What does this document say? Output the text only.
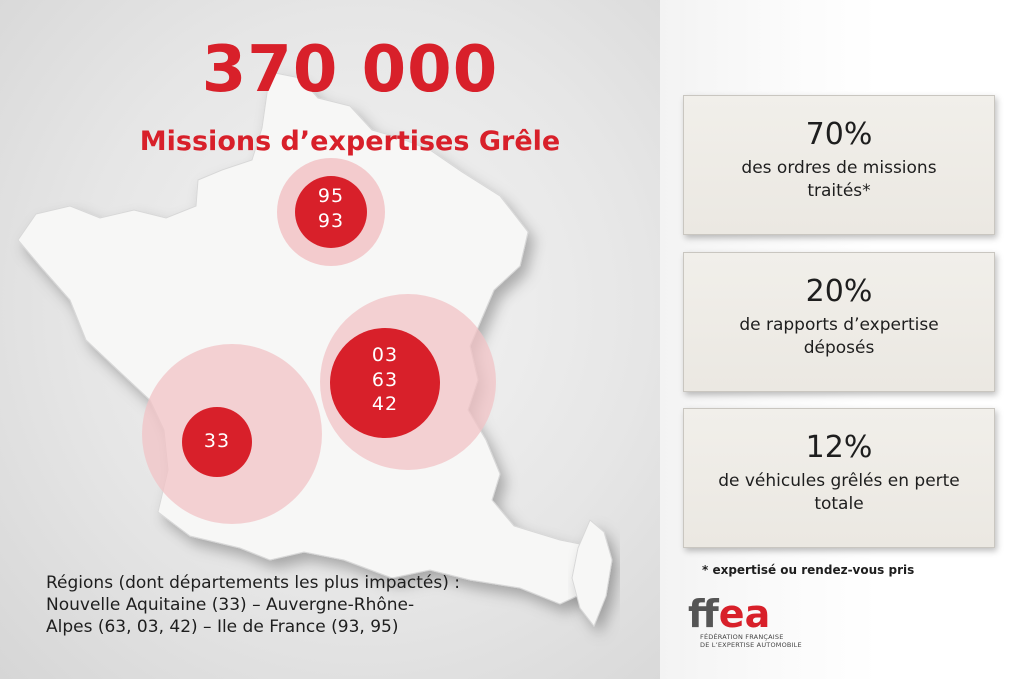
370 000
Missions d’expertises Grêle
95
93
03
63
42
33
Régions (dont départements les plus impactés) :
Nouvelle Aquitaine (33) – Auvergne-Rhône-
Alpes (63, 03, 42) – Ile de France (93, 95)
70%
des ordres de missions traités*
20%
de rapports d’expertise déposés
12%
de véhicules grêlés en perte totale
* expertisé ou rendez-vous pris
ffea
FÉDÉRATION FRANÇAISE
DE L’EXPERTISE AUTOMOBILE
